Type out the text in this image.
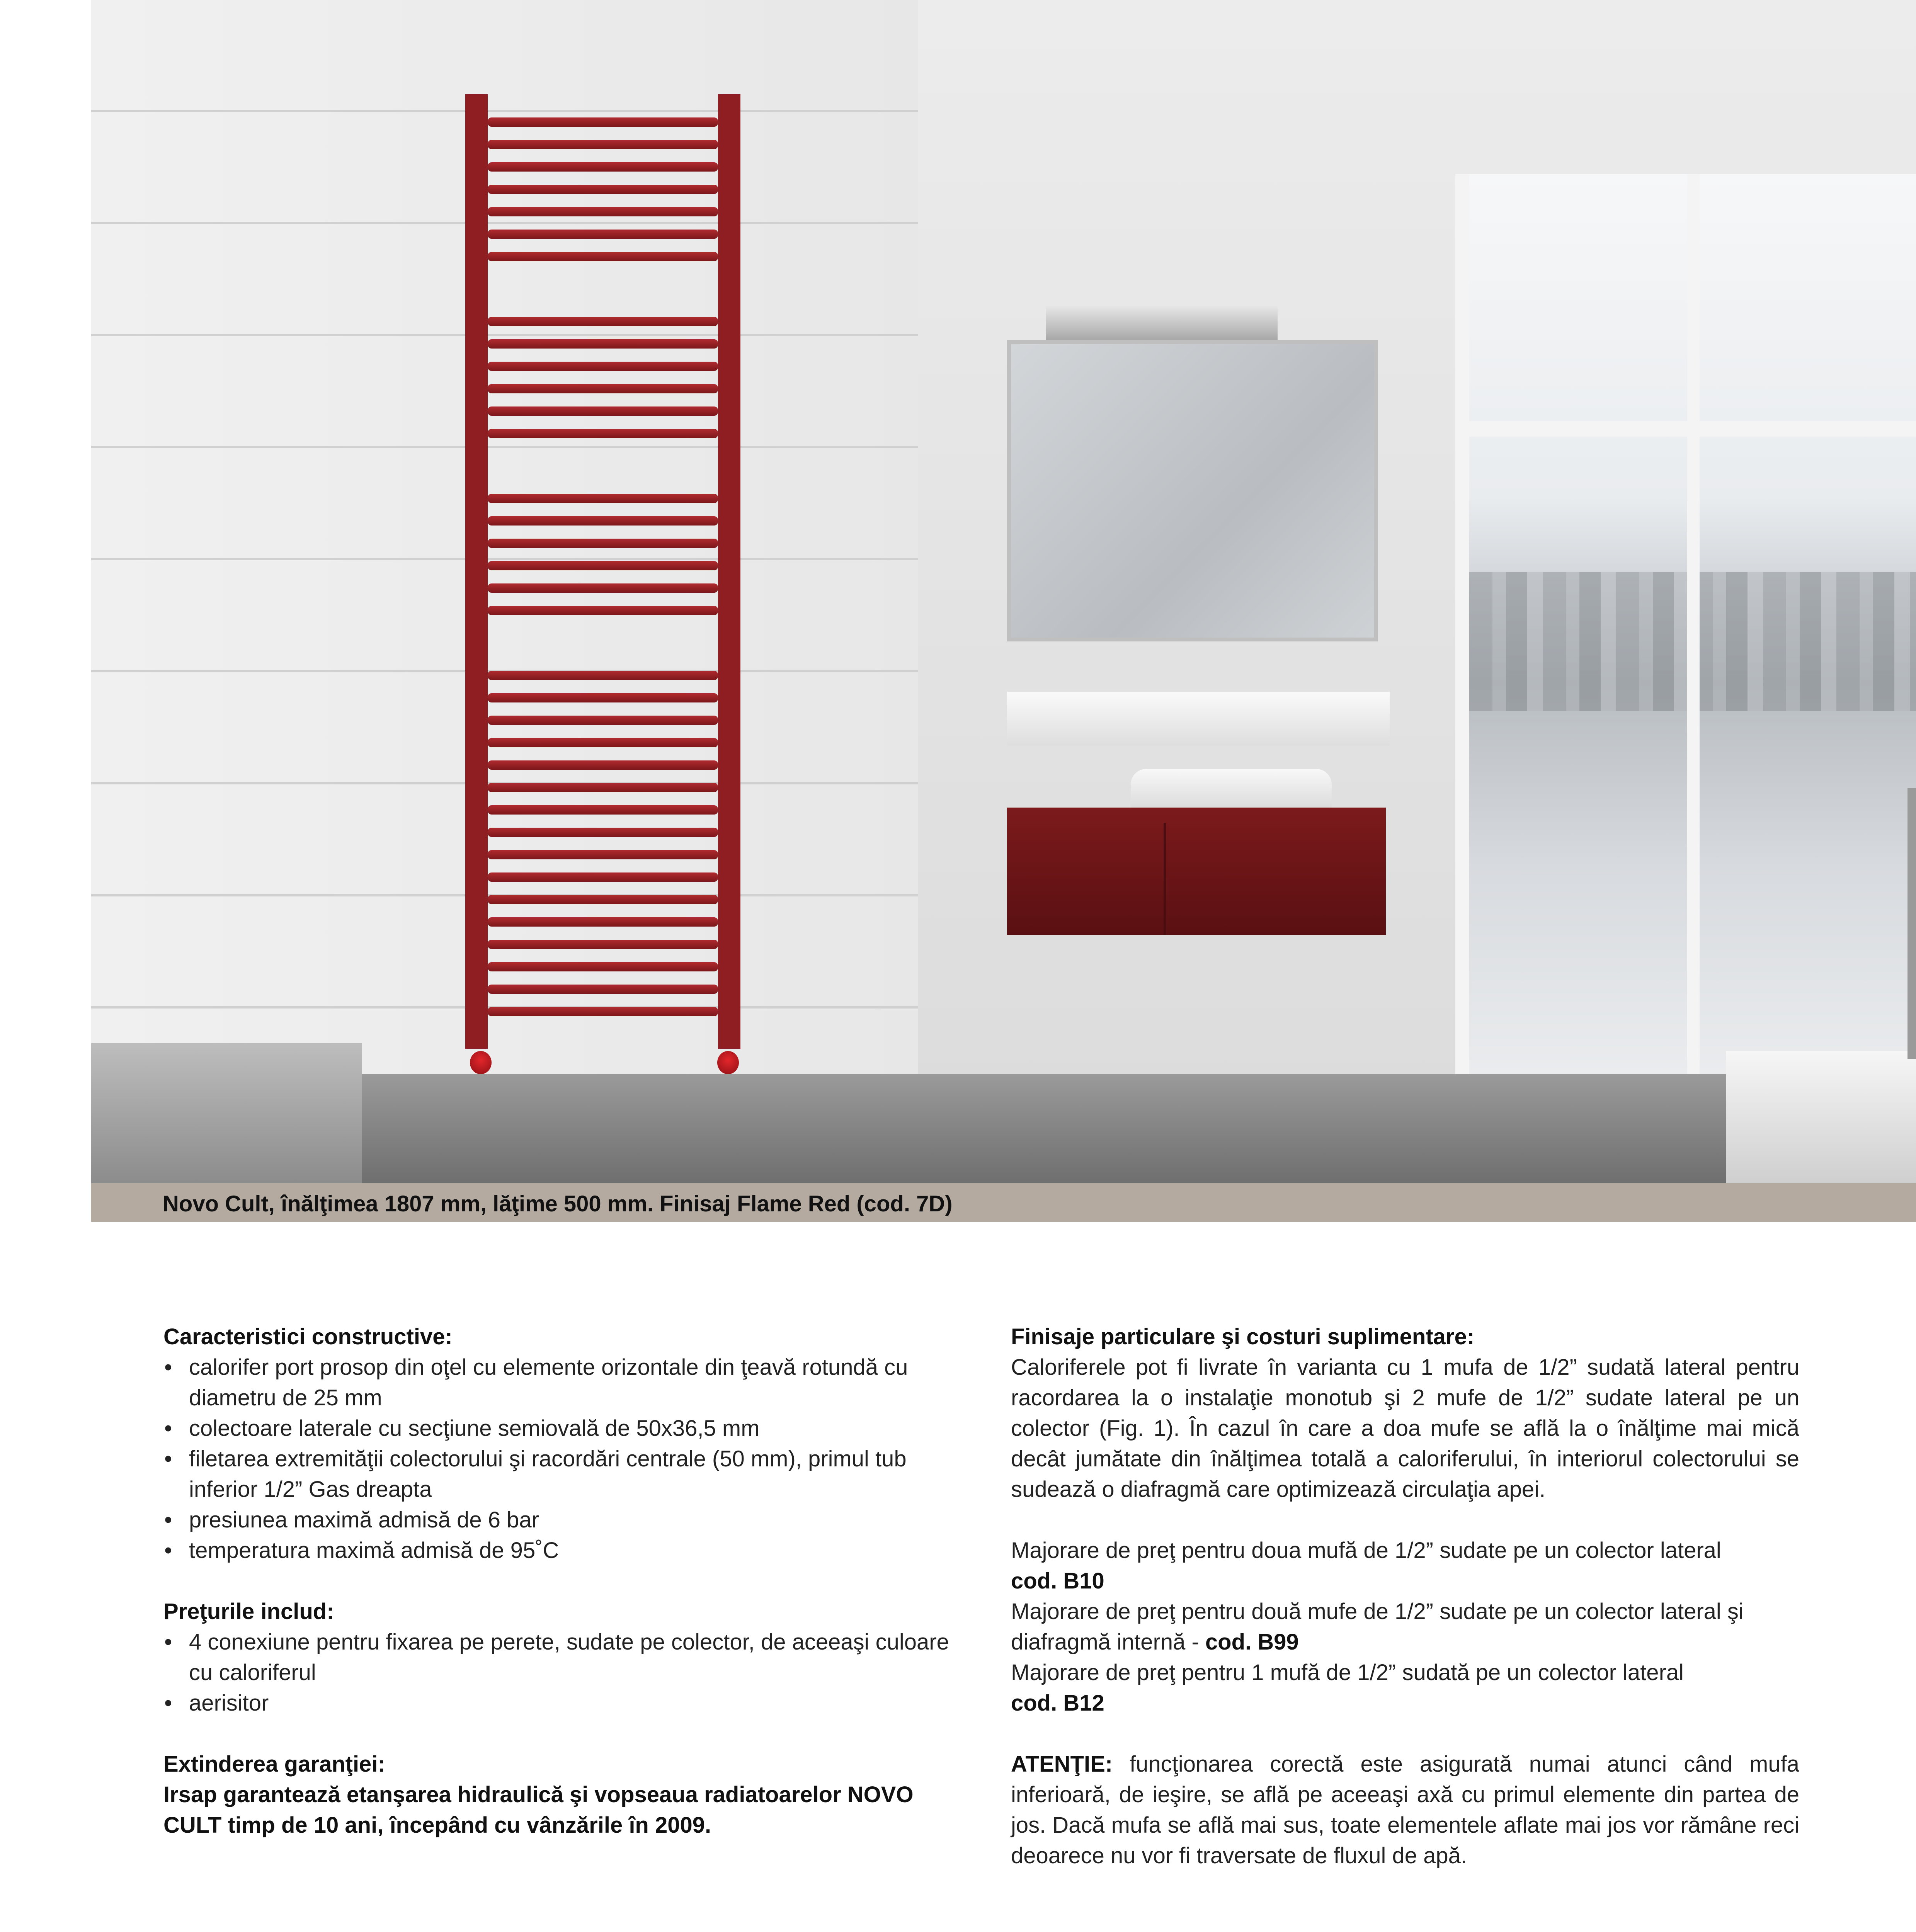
Novo Cult, înălţimea 1807 mm, lăţime 500 mm. Finisaj Flame Red (cod. 7D)

Caracteristici constructive:

• calorifer port prosop din oţel cu elemente orizontale din ţeavă rotundă cu diametru de 25 mm
• colectoare laterale cu secţiune semiovală de 50x36,5 mm
• filetarea extremităţii colectorului şi racordări centrale (50 mm), primul tub inferior 1/2” Gas dreapta
• presiunea maximă admisă de 6 bar
• temperatura maximă admisă de 95˚C

Preţurile includ:

• 4 conexiune pentru fixarea pe perete, sudate pe colector, de aceeaşi culoare cu caloriferul
• aerisitor

Extinderea garanţiei:

Irsap garantează etanşarea hidraulică şi vopseaua radiatoarelor NOVO CULT timp de 10 ani, începând cu vânzările în 2009.

Finisaje particulare şi costuri suplimentare:

Caloriferele pot fi livrate în varianta cu 1 mufa de 1/2” sudată lateral pentru racordarea la o instalaţie monotub şi 2 mufe de 1/2” sudate lateral pe un colector (Fig. 1). În cazul în care a doa mufe se află la o înălţime mai mică decât jumătate din înălţimea totală a caloriferului, în interiorul colectorului se sudează o diafragmă care optimizează circulaţia apei.

Majorare de preţ pentru doua mufă de 1/2” sudate pe un colector lateral

cod. B10

Majorare de preţ pentru două mufe de 1/2” sudate pe un colector lateral şi diafragmă internă - cod. B99

Majorare de preţ pentru 1 mufă de 1/2” sudată pe un colector lateral

cod. B12

ATENŢIE: funcţionarea corectă este asigurată numai atunci când mufa inferioară, de ieşire, se află pe aceeaşi axă cu primul elemente din partea de jos. Dacă mufa se află mai sus, toate elementele aflate mai jos vor rămâne reci deoarece nu vor fi traversate de fluxul de apă.
